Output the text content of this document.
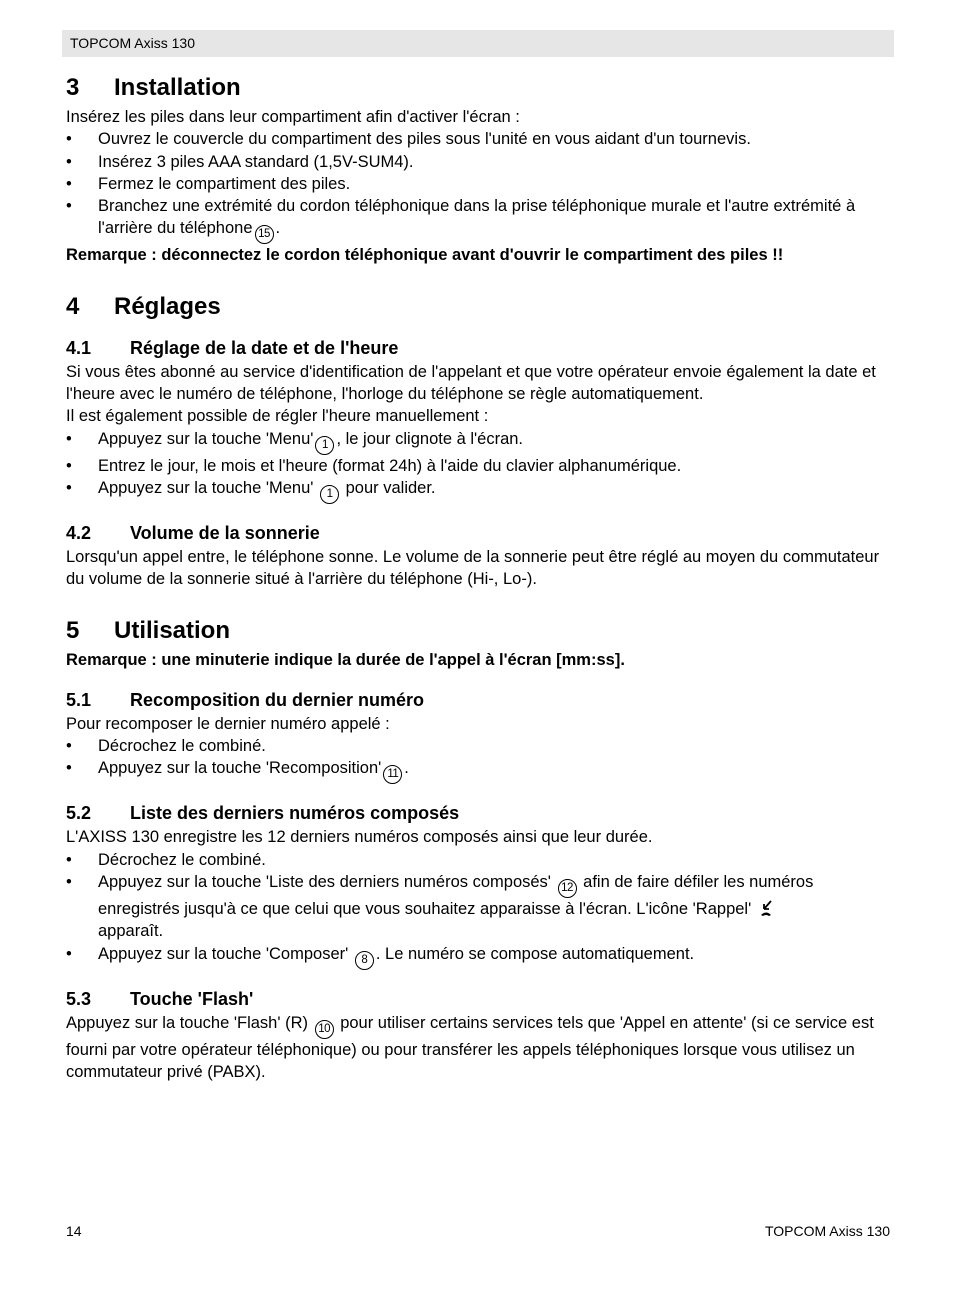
TOPCOM Axiss 130
3 Installation

Insérez les piles dans leur compartiment afin d'activer l'écran :

• Ouvrez le couvercle du compartiment des piles sous l'unité en vous aidant d'un tournevis.
• Insérez 3 piles AAA standard (1,5V-SUM4).
• Fermez le compartiment des piles.
• Branchez une extrémité du cordon téléphonique dans la prise téléphonique murale et l'autre extrémité à l'arrière du téléphone 15 .

Remarque : déconnectez le cordon téléphonique avant d'ouvrir le compartiment des piles !!

4 Réglages
4.1 Réglage de la date et de l'heure

Si vous êtes abonné au service d'identification de l'appelant et que votre opérateur envoie également la date et l'heure avec le numéro de téléphone, l'horloge du téléphone se règle automatiquement.

Il est également possible de régler l'heure manuellement :

• Appuyez sur la touche 'Menu' 1 , le jour clignote à l'écran.
• Entrez le jour, le mois et l'heure (format 24h) à l'aide du clavier alphanumérique.
• Appuyez sur la touche 'Menu' 1 pour valider.
4.2 Volume de la sonnerie

Lorsqu'un appel entre, le téléphone sonne. Le volume de la sonnerie peut être réglé au moyen du commutateur du volume de la sonnerie situé à l'arrière du téléphone (Hi-, Lo-).

5 Utilisation

Remarque : une minuterie indique la durée de l'appel à l'écran [mm:ss].

5.1 Recomposition du dernier numéro

Pour recomposer le dernier numéro appelé :

• Décrochez le combiné.
• Appuyez sur la touche 'Recomposition' 11 .
5.2 Liste des derniers numéros composés

L'AXISS 130 enregistre les 12 derniers numéros composés ainsi que leur durée.

• Décrochez le combiné.
• Appuyez sur la touche 'Liste des derniers numéros composés' 12 afin de faire défiler les numéros enregistrés jusqu'à ce que celui que vous souhaitez apparaisse à l'écran. L'icône 'Rappel'
apparaît.
• Appuyez sur la touche 'Composer' 8 . Le numéro se compose automatiquement.
5.3 Touche 'Flash'

Appuyez sur la touche 'Flash' (R) 10 pour utiliser certains services tels que 'Appel en attente' (si ce service est fourni par votre opérateur téléphonique) ou pour transférer les appels téléphoniques lorsque vous utilisez un commutateur privé (PABX).

14	TOPCOM Axiss 130
